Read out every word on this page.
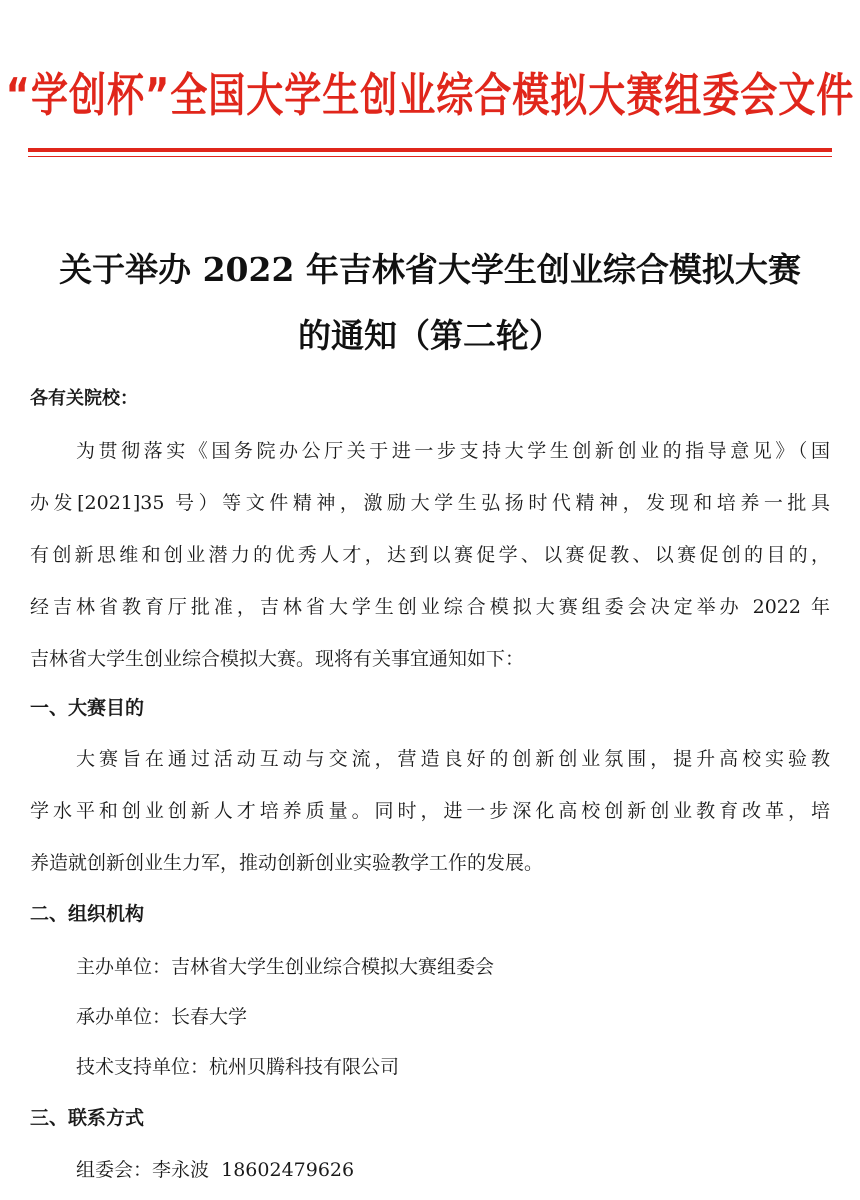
“学创杯”全国大学生创业综合模拟大赛组委会文件
关于举办 2022 年吉林省大学生创业综合模拟大赛
的通知（第二轮）
各有关院校：
为贯彻落实《国务院办公厅关于进一步支持大学生创新创业的指导意见》（国
办发[2021]35 号）等文件精神，激励大学生弘扬时代精神，发现和培养一批具
有创新思维和创业潜力的优秀人才，达到以赛促学、以赛促教、以赛促创的目的，
经吉林省教育厅批准，吉林省大学生创业综合模拟大赛组委会决定举办 2022 年
吉林省大学生创业综合模拟大赛。现将有关事宜通知如下：
一、大赛目的
大赛旨在通过活动互动与交流，营造良好的创新创业氛围，提升高校实验教
学水平和创业创新人才培养质量。同时，进一步深化高校创新创业教育改革，培
养造就创新创业生力军，推动创新创业实验教学工作的发展。
二、组织机构
主办单位：吉林省大学生创业综合模拟大赛组委会
承办单位：长春大学
技术支持单位：杭州贝腾科技有限公司
三、联系方式
组委会：李永波 18602479626
